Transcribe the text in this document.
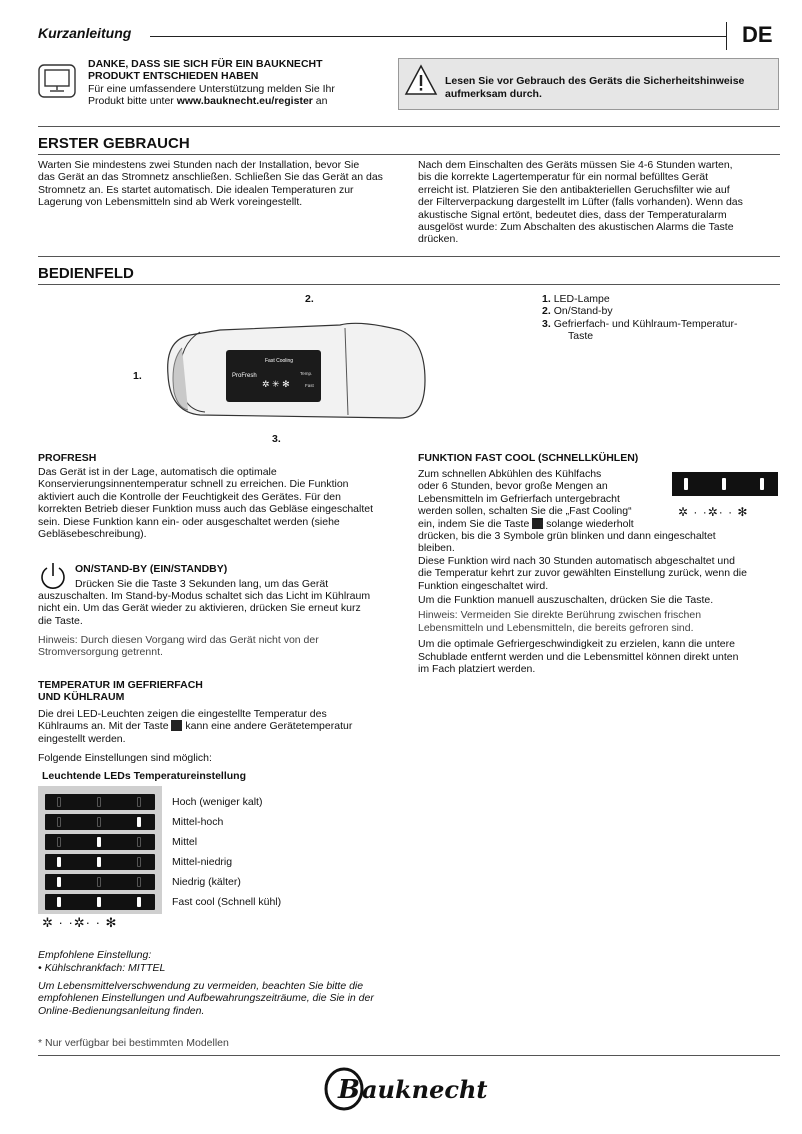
Kurzanleitung	DE
DANKE, DASS SIE SICH FÜR EIN BAUKNECHT
PRODUKT ENTSCHIEDEN HABEN
Für eine umfassendere Unterstützung melden Sie Ihr
Produkt bitte unter www.bauknecht.eu/register an
Lesen Sie vor Gebrauch des Geräts die Sicherheitshinweise
aufmerksam durch.
ERSTER GEBRAUCH
Warten Sie mindestens zwei Stunden nach der Installation, bevor Sie
das Gerät an das Stromnetz anschließen. Schließen Sie das Gerät an das
Stromnetz an. Es startet automatisch. Die idealen Temperaturen zur
Lagerung von Lebensmitteln sind ab Werk voreingestellt.
Nach dem Einschalten des Geräts müssen Sie 4-6 Stunden warten,
bis die korrekte Lagertemperatur für ein normal befülltes Gerät
erreicht ist. Platzieren Sie den antibakteriellen Geruchsfilter wie auf
der Filterverpackung dargestellt im Lüfter (falls vorhanden). Wenn das
akustische Signal ertönt, bedeutet dies, dass der Temperaturalarm
ausgelöst wurde: Zum Abschalten des akustischen Alarms die Taste
drücken.
BEDIENFELD
ProFresh
Fast Cooling
Temp.
Fast
✲ ✳ ✻
2.
1.
3.
1. LED-Lampe
2. On/Stand-by
3. Gefrierfach- und Kühlraum-Temperatur-
Taste
PROFRESH
Das Gerät ist in der Lage, automatisch die optimale
Konservierungsinnentemperatur schnell zu erreichen. Die Funktion
aktiviert auch die Kontrolle der Feuchtigkeit des Gerätes. Für den
korrekten Betrieb dieser Funktion muss auch das Gebläse eingeschaltet
sein. Diese Funktion kann ein- oder ausgeschaltet werden (siehe
Gebläsebeschreibung).
ON/STAND-BY (EIN/STANDBY)
Drücken Sie die Taste 3 Sekunden lang, um das Gerät
auszuschalten. Im Stand-by-Modus schaltet sich das Licht im Kühlraum
nicht ein. Um das Gerät wieder zu aktivieren, drücken Sie erneut kurz
die Taste.
Hinweis: Durch diesen Vorgang wird das Gerät nicht von der
Stromversorgung getrennt.
TEMPERATUR IM GEFRIERFACH
UND KÜHLRAUM
Die drei LED-Leuchten zeigen die eingestellte Temperatur des
Kühlraums an. Mit der Taste kann eine andere Gerätetemperatur
eingestellt werden.
Folgende Einstellungen sind möglich:
Leuchtende LEDs Temperatureinstellung
Hoch (weniger kalt)
Mittel-hoch
Mittel
Mittel-niedrig
Niedrig (kälter)
Fast cool (Schnell kühl)
✲ · ·✲· · ✻
Empfohlene Einstellung:
• Kühlschrankfach: MITTEL
Um Lebensmittelverschwendung zu vermeiden, beachten Sie bitte die
empfohlenen Einstellungen und Aufbewahrungszeiträume, die Sie in der
Online-Bedienungsanleitung finden.
FUNKTION FAST COOL (SCHNELLKÜHLEN)
Zum schnellen Abkühlen des Kühlfachs
oder 6 Stunden, bevor große Mengen an
Lebensmitteln im Gefrierfach untergebracht
werden sollen, schalten Sie die „Fast Cooling“
ein, indem Sie die Taste solange wiederholt
drücken, bis die 3 Symbole grün blinken und dann eingeschaltet
bleiben.
Diese Funktion wird nach 30 Stunden automatisch abgeschaltet und
die Temperatur kehrt zur zuvor gewählten Einstellung zurück, wenn die
Funktion eingeschaltet wird.
Um die Funktion manuell auszuschalten, drücken Sie die Taste.
Hinweis: Vermeiden Sie direkte Berührung zwischen frischen
Lebensmitteln und Lebensmitteln, die bereits gefroren sind.
Um die optimale Gefriergeschwindigkeit zu erzielen, kann die untere
Schublade entfernt werden und die Lebensmittel können direkt unten
im Fach platziert werden.
✲ · ·✲· · ✻
* Nur verfügbar bei bestimmten Modellen
B auknecht
